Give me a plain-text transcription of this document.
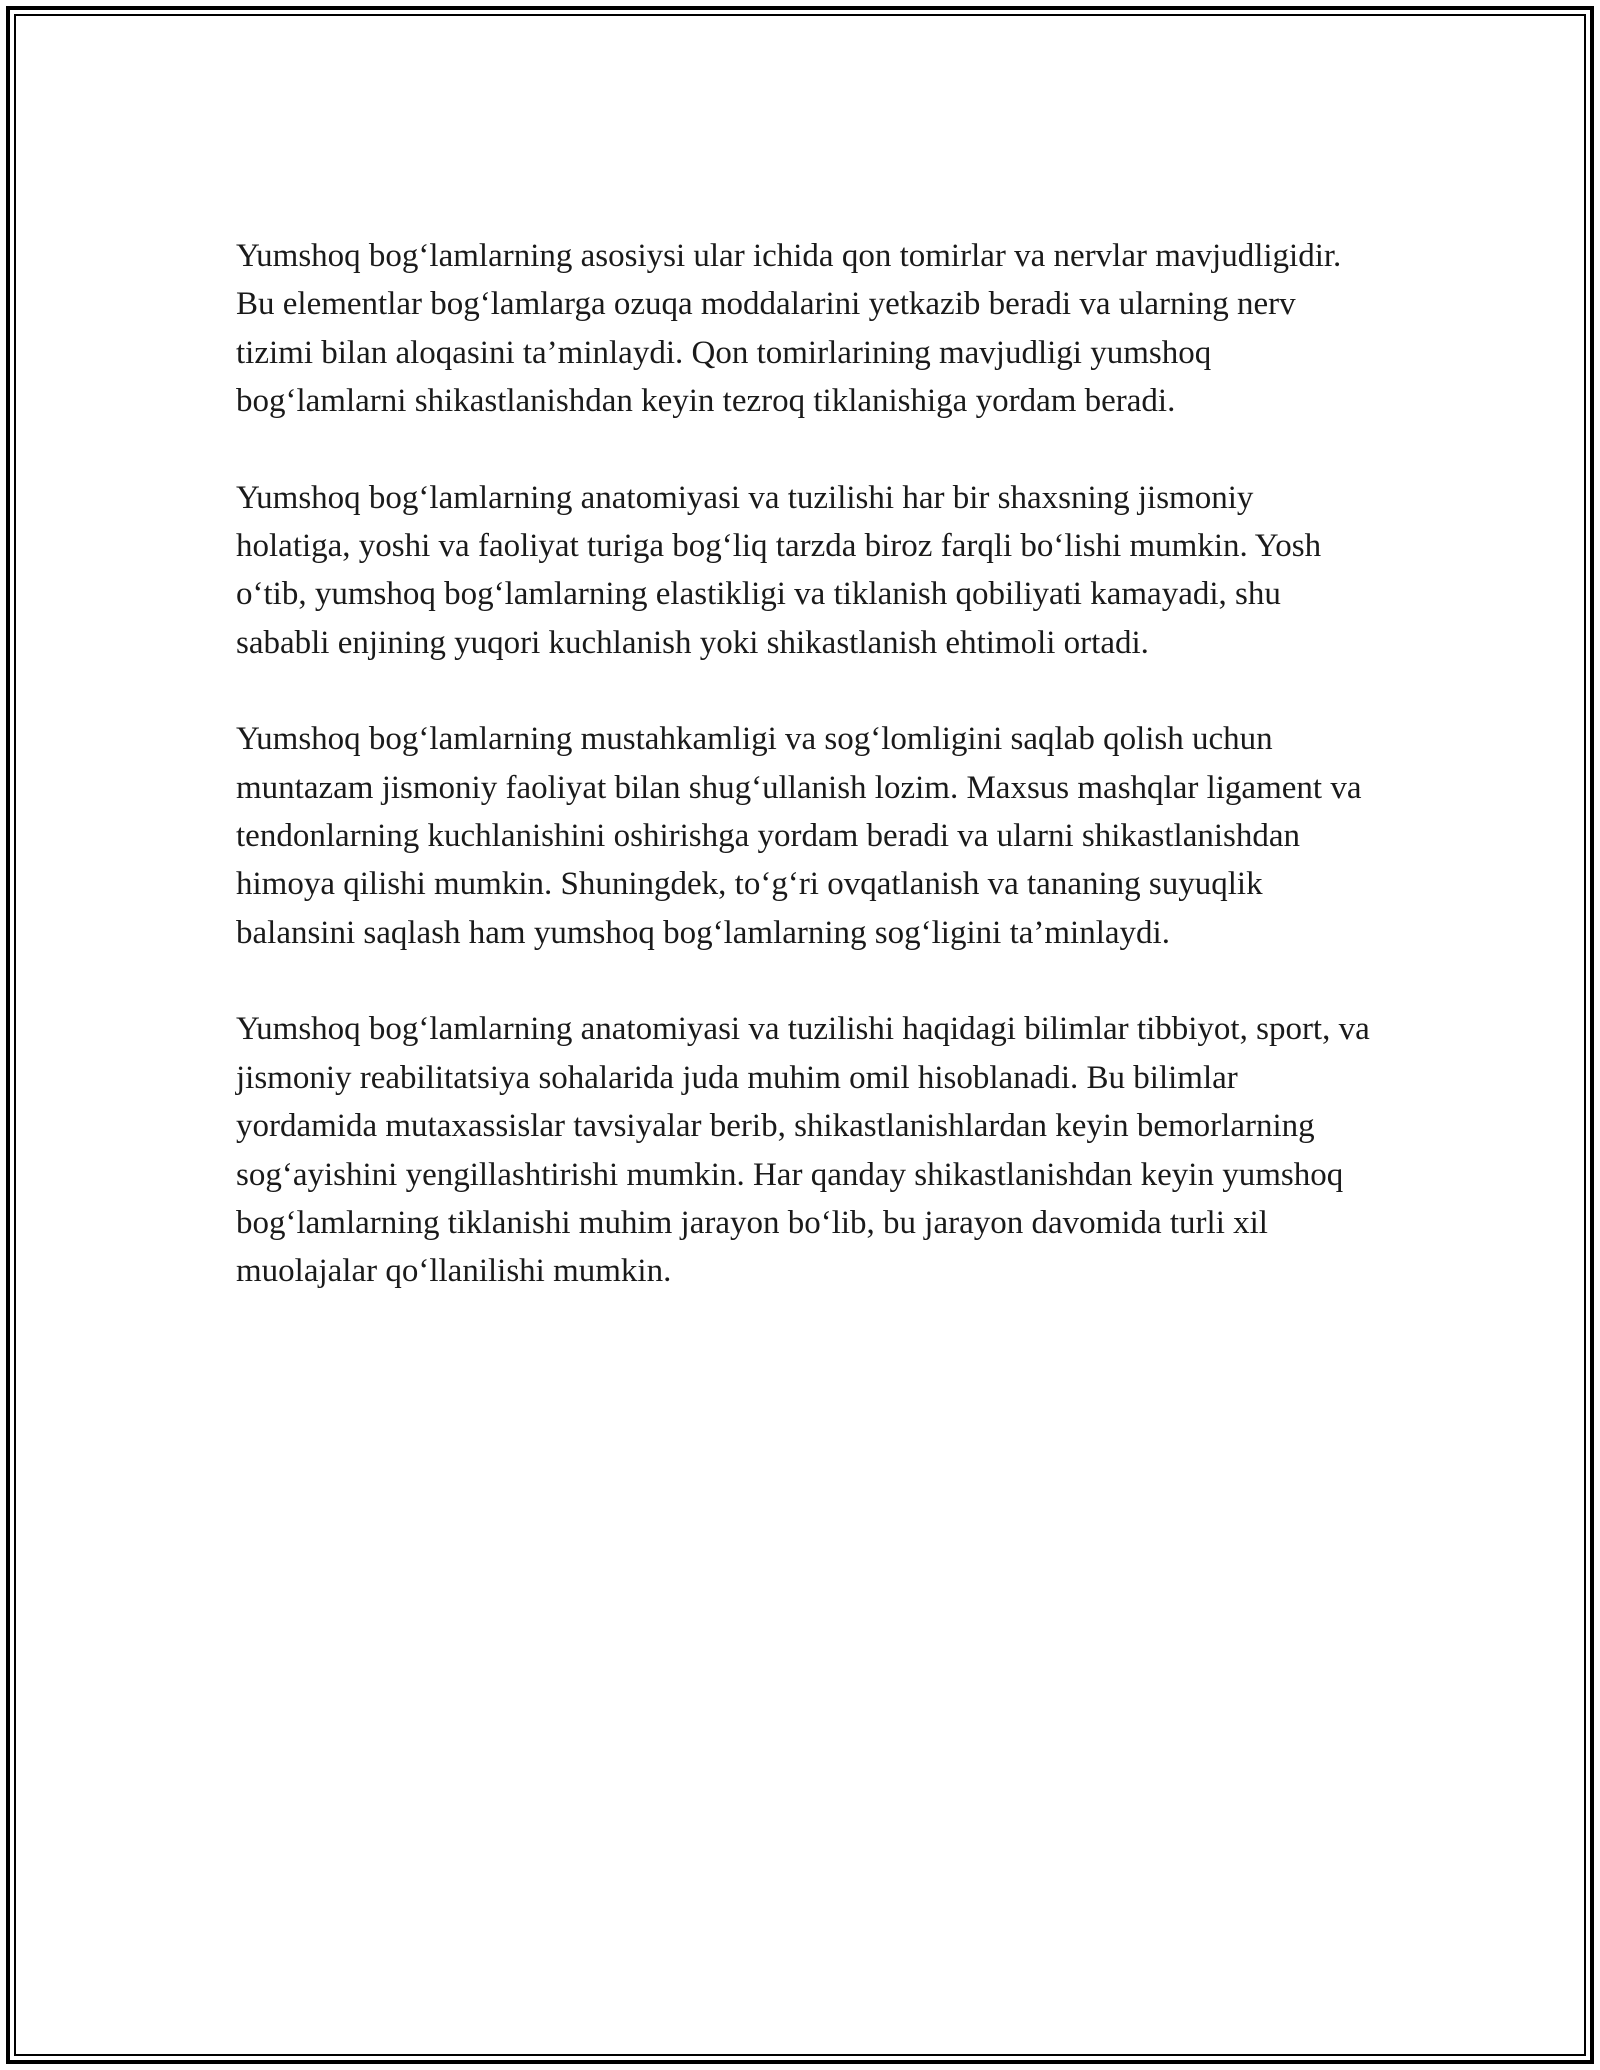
Yumshoq bog‘lamlarning asosiysi ular ichida qon tomirlar va nervlar mavjudligidir. Bu elementlar bog‘lamlarga ozuqa moddalarini yetkazib beradi va ularning nerv tizimi bilan aloqasini ta’minlaydi. Qon tomirlarining mavjudligi yumshoq bog‘lamlarni shikastlanishdan keyin tezroq tiklanishiga yordam beradi.

Yumshoq bog‘lamlarning anatomiyasi va tuzilishi har bir shaxsning jismoniy holatiga, yoshi va faoliyat turiga bog‘liq tarzda biroz farqli bo‘lishi mumkin. Yosh o‘tib, yumshoq bog‘lamlarning elastikligi va tiklanish qobiliyati kamayadi, shu sababli enjining yuqori kuchlanish yoki shikastlanish ehtimoli ortadi.

Yumshoq bog‘lamlarning mustahkamligi va sog‘lomligini saqlab qolish uchun muntazam jismoniy faoliyat bilan shug‘ullanish lozim. Maxsus mashqlar ligament va tendonlarning kuchlanishini oshirishga yordam beradi va ularni shikastlanishdan himoya qilishi mumkin. Shuningdek, to‘g‘ri ovqatlanish va tananing suyuqlik balansini saqlash ham yumshoq bog‘lamlarning sog‘ligini ta’minlaydi.

Yumshoq bog‘lamlarning anatomiyasi va tuzilishi haqidagi bilimlar tibbiyot, sport, va jismoniy reabilitatsiya sohalarida juda muhim omil hisoblanadi. Bu bilimlar yordamida mutaxassislar tavsiyalar berib, shikastlanishlardan keyin bemorlarning sog‘ayishini yengillashtirishi mumkin. Har qanday shikastlanishdan keyin yumshoq bog‘lamlarning tiklanishi muhim jarayon bo‘lib, bu jarayon davomida turli xil muolajalar qo‘llanilishi mumkin.
